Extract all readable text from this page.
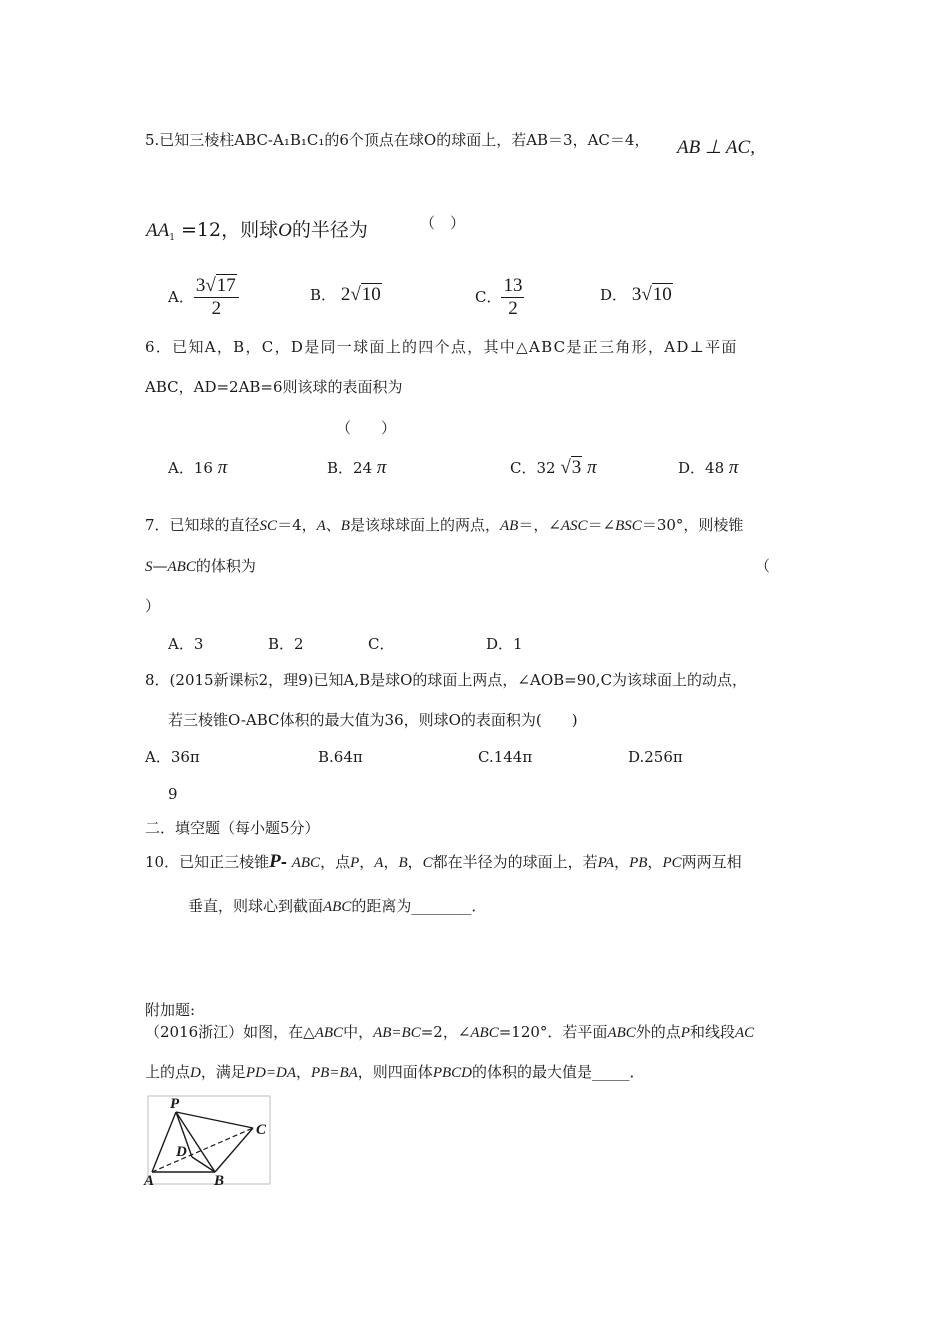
5.已知三棱柱ABC-A₁B₁C₁的6个顶点在球O的球面上，若AB＝3，AC＝4， AB ⊥ AC,
$AA_1 =12$，则球O的半径为	（　）
A． $\frac{3√17}{2}$	B． 2√10	C． $\frac{13}{2}$	D． 3√10
6．已知A，B，C，D是同一球面上的四个点，其中△ABC是正三角形，AD⊥平面
ABC，AD=2AB=6则该球的表面积为
（　　）
A．16 π	B．24 π	C．32 √3 π	D．48 π
7．已知球的直径SC＝4，A、B是该球球面上的两点，AB＝，∠ASC＝∠BSC＝30°，则棱锥
S—ABC的体积为	（
）
A．3	B．2	C．	D．1
8．(2015新课标2，理9)已知A,B是球O的球面上两点，∠AOB=90,C为该球面上的动点，
若三棱锥O-ABC体积的最大值为36，则球O的表面积为(　　)
A．36π	B.64π	C.144π	D.256π
9
二．填空题（每小题5分）
10．已知正三棱锥P- ABC，点P，A，B，C都在半径为的球面上，若PA，PB，PC两两互相
垂直，则球心到截面ABC的距离为________．
附加题:
（2016浙江）如图，在△ABC中，AB=BC=2，∠ABC=120°．若平面ABC外的点P和线段AC
上的点D，满足PD=DA，PB=BA，则四面体PBCD的体积的最大值是_____．
P
C
D
A	B
